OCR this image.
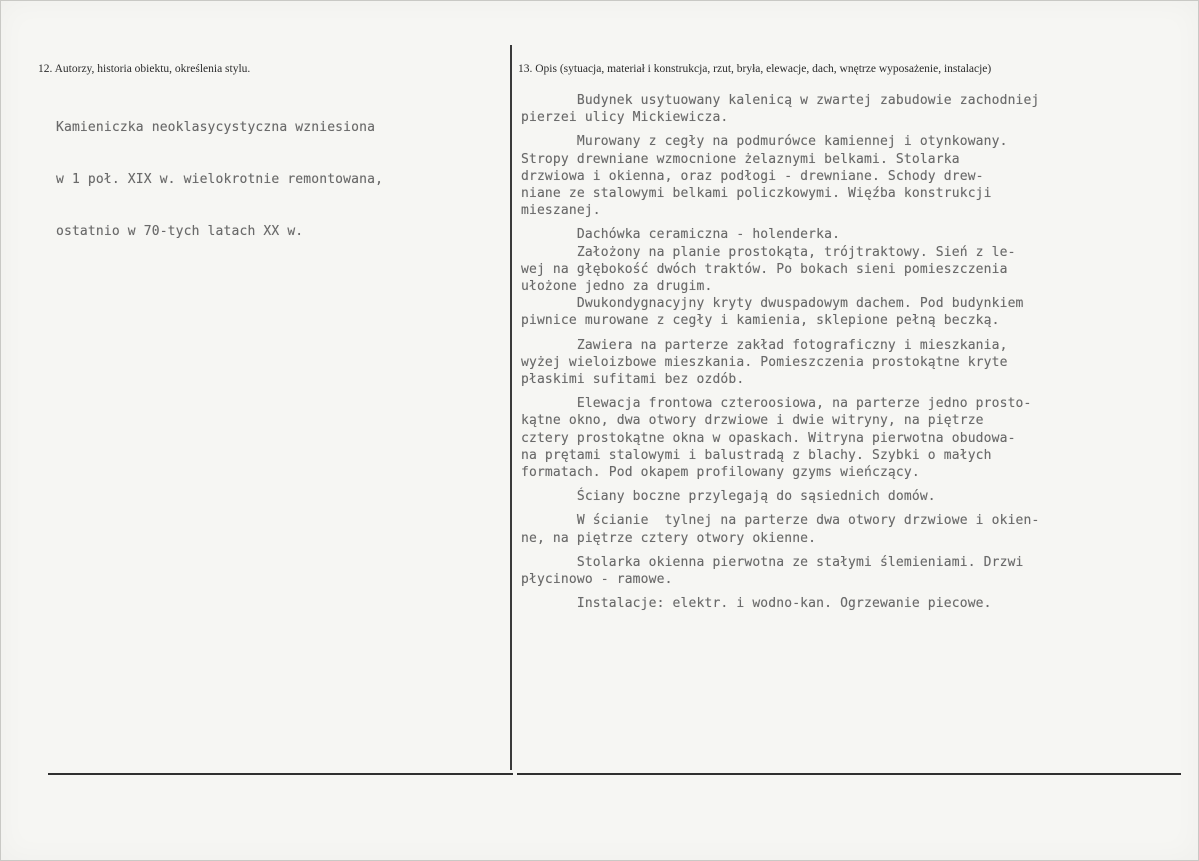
12. Autorzy, historia obiektu, określenia stylu.	13. Opis (sytuacja, materiał i konstrukcja, rzut, bryła, elewacje, dach, wnętrze wyposażenie, instalacje)

Kamieniczka neoklasycystyczna wzniesiona

w 1 poł. XIX w. wielokrotnie remontowana,

ostatnio w 70-tych latach XX w.

Budynek usytuowany kalenicą w zwartej zabudowie zachodniej
pierzei ulicy Mickiewicza.
Murowany z cegły na podmurówce kamiennej i otynkowany.
Stropy drewniane wzmocnione żelaznymi belkami. Stolarka
drzwiowa i okienna, oraz podłogi - drewniane. Schody drew-
niane ze stalowymi belkami policzkowymi. Więźba konstrukcji
mieszanej.
Dachówka ceramiczna - holenderka.
Założony na planie prostokąta, trójtraktowy. Sień z le-
wej na głębokość dwóch traktów. Po bokach sieni pomieszczenia
ułożone jedno za drugim.
Dwukondygnacyjny kryty dwuspadowym dachem. Pod budynkiem
piwnice murowane z cegły i kamienia, sklepione pełną beczką.
Zawiera na parterze zakład fotograficzny i mieszkania,
wyżej wieloizbowe mieszkania. Pomieszczenia prostokątne kryte
płaskimi sufitami bez ozdób.
Elewacja frontowa czteroosiowa, na parterze jedno prosto-
kątne okno, dwa otwory drzwiowe i dwie witryny, na piętrze
cztery prostokątne okna w opaskach. Witryna pierwotna obudowa-
na prętami stalowymi i balustradą z blachy. Szybki o małych
formatach. Pod okapem profilowany gzyms wieńczący.
Ściany boczne przylegają do sąsiednich domów.
W ścianie  tylnej na parterze dwa otwory drzwiowe i okien-
ne, na piętrze cztery otwory okienne.
Stolarka okienna pierwotna ze stałymi ślemieniami. Drzwi
płycinowo - ramowe.
Instalacje: elektr. i wodno-kan. Ogrzewanie piecowe.
